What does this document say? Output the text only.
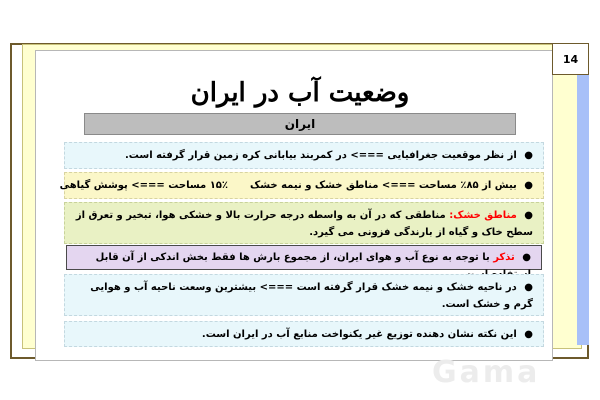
14
وضعیت آب در ایران
ایران
● از نظر موقعیت جغرافیایی ===> در کمربند بیابانی کره زمین قرار گرفته است.
● بیش از ۸۵٪ مساحت ===> مناطق خشک و نیمه خشک
۱۵٪ مساحت ===> پوشش گیاهی
● مناطق خشک: مناطقی که در آن به واسطه درجه حرارت بالا و خشکی هوا، تبخیر و تعرق از سطح خاک و گیاه از بارندگی فزونی می گیرد.
● تذکر با توجه به نوع آب و هوای ایران، از مجموع بارش ها فقط بخش اندکی از آن قابل
● در ناحیه خشک و نیمه خشک قرار گرفته است ===> بیشترین وسعت ناحیه آب و هوایی گرم و خشک است.
● این نکته نشان دهنده توزیع غیر یکنواخت منابع آب در ایران است.
Gama
